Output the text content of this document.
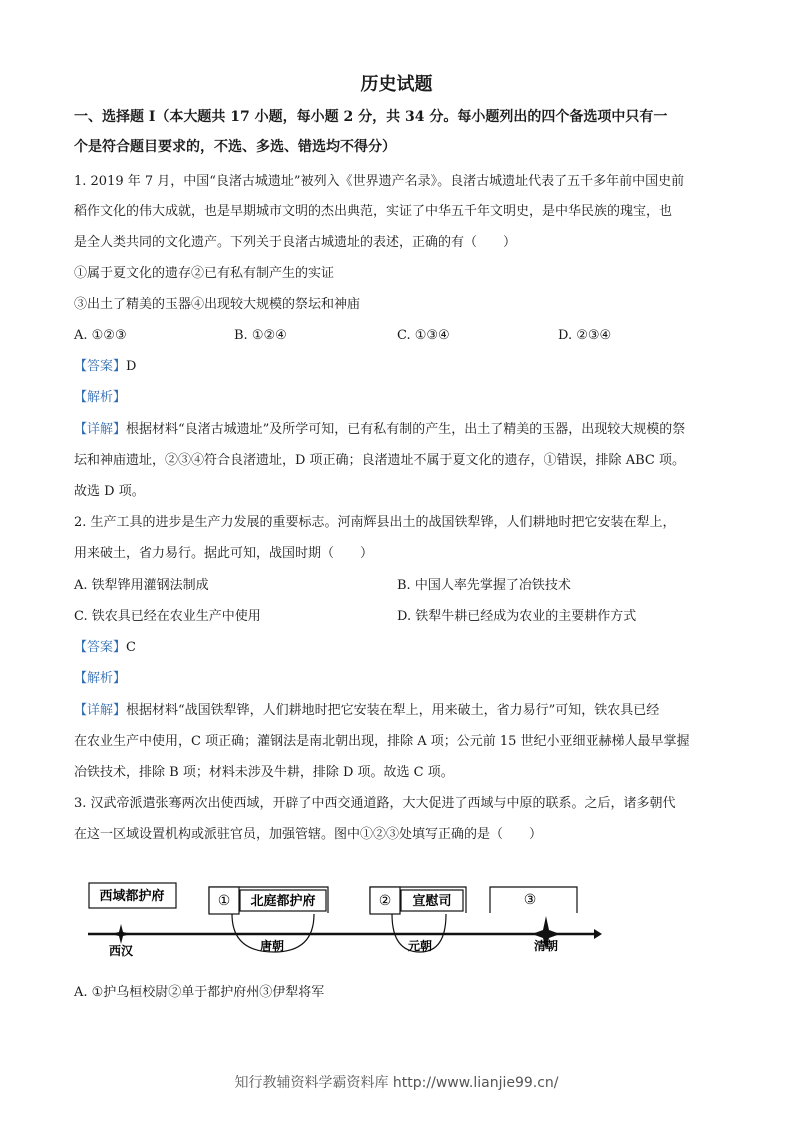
历史试题
一、选择题 I（本大题共 17 小题，每小题 2 分，共 34 分。每小题列出的四个备选项中只有一
个是符合题目要求的，不选、多选、错选均不得分）
1. 2019 年 7 月，中国“良渚古城遗址”被列入《世界遗产名录》。良渚古城遗址代表了五千多年前中国史前
稻作文化的伟大成就，也是早期城市文明的杰出典范，实证了中华五千年文明史，是中华民族的瑰宝，也
是全人类共同的文化遗产。下列关于良渚古城遗址的表述，正确的有（　　）
①属于夏文化的遗存②已有私有制产生的实证
③出土了精美的玉器④出现较大规模的祭坛和神庙
A. ①②③	B. ①②④	C. ①③④	D. ②③④
【答案】D
【解析】
【详解】根据材料“良渚古城遗址”及所学可知，已有私有制的产生，出土了精美的玉器，出现较大规模的祭
坛和神庙遗址，②③④符合良渚遗址，D 项正确；良渚遗址不属于夏文化的遗存，①错误，排除 ABC 项。
故选 D 项。
2. 生产工具的进步是生产力发展的重要标志。河南辉县出土的战国铁犁铧，人们耕地时把它安装在犁上，
用来破土，省力易行。据此可知，战国时期（　　）
A. 铁犁铧用灌钢法制成	B. 中国人率先掌握了冶铁技术
C. 铁农具已经在农业生产中使用	D. 铁犁牛耕已经成为农业的主要耕作方式
【答案】C
【解析】
【详解】根据材料“战国铁犁铧，人们耕地时把它安装在犁上，用来破土，省力易行”可知，铁农具已经
在农业生产中使用，C 项正确；灌钢法是南北朝出现，排除 A 项；公元前 15 世纪小亚细亚赫梯人最早掌握
冶铁技术，排除 B 项；材料未涉及牛耕，排除 D 项。故选 C 项。
3. 汉武帝派遣张骞两次出使西域，开辟了中西交通道路，大大促进了西域与中原的联系。之后，诸多朝代
在这一区域设置机构或派驻官员，加强管辖。图中①②③处填写正确的是（　　）
西域都护府	① 北庭都护府	② 宣慰司	③
西汉	唐朝	元朝	清朝
A. ①护乌桓校尉②单于都护府州③伊犁将军
知行教辅资料学霸资料库 http://www.lianjie99.cn/
